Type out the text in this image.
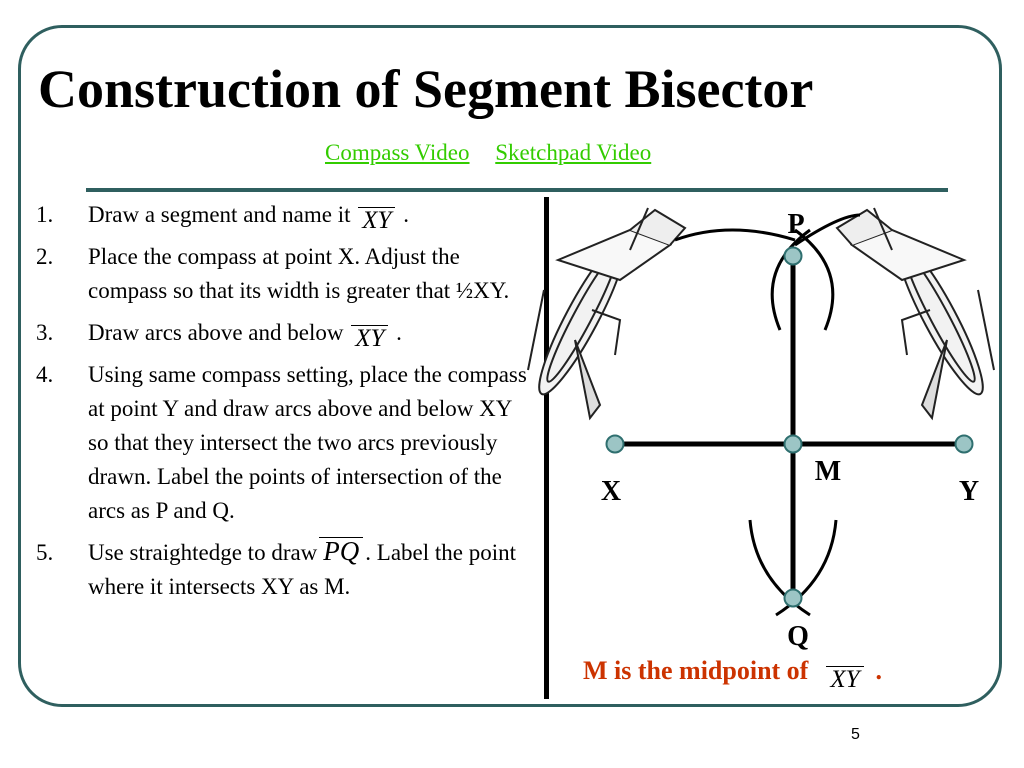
Construction of Segment Bisector
Compass Video Sketchpad Video
1. Draw a segment and name it XY .
2. Place the compass at point X. Adjust the compass so that its width is greater that ½XY.
3. Draw arcs above and below XY .
4. Using same compass setting, place the compass at point Y and draw arcs above and below XY so that they intersect the two arcs previously drawn. Label the points of intersection of the arcs as P and Q.
5. Use straightedge to draw PQ . Label the point where it intersects XY as M.
P
M
X	Y
Q
M is the midpoint of XY .
5
